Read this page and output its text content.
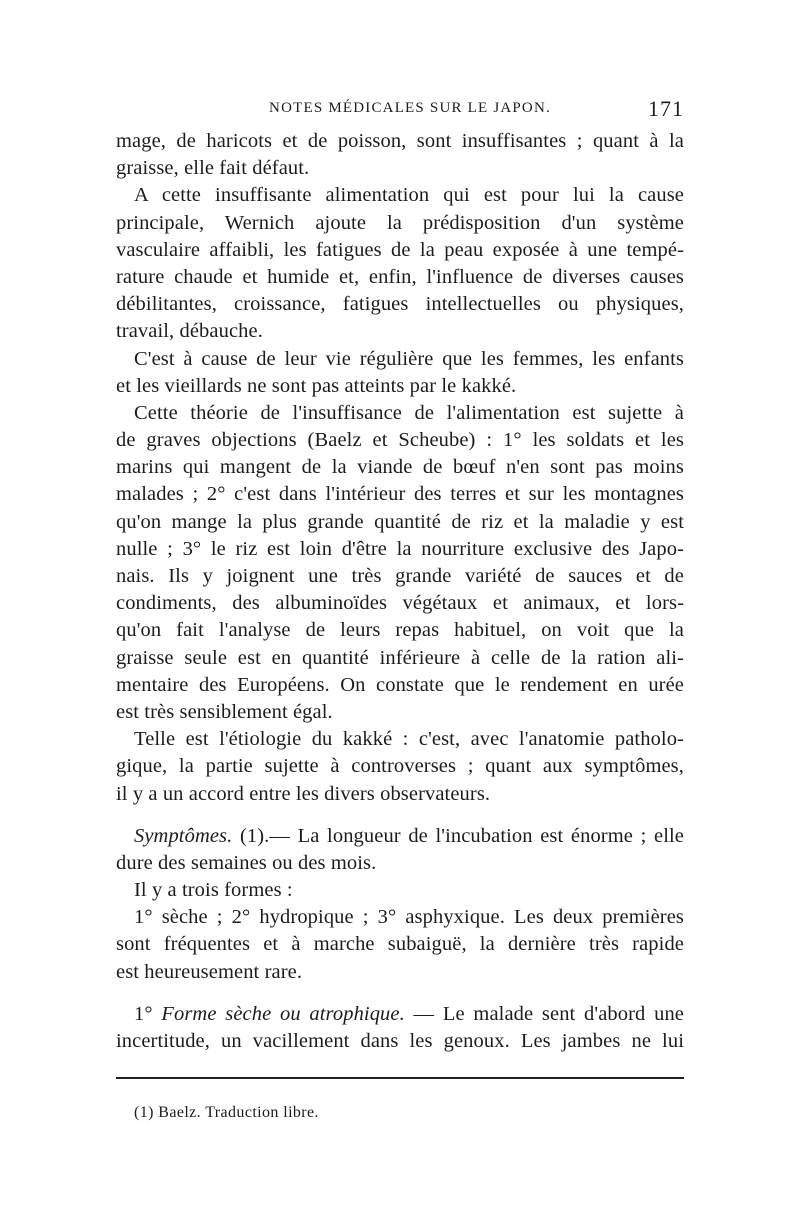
NOTES MÉDICALES SUR LE JAPON.	171
mage, de haricots et de poisson, sont insuffisantes ; quant à la
graisse, elle fait défaut.
A cette insuffisante alimentation qui est pour lui la cause
principale, Wernich ajoute la prédisposition d'un système
vasculaire affaibli, les fatigues de la peau exposée à une tempé-
rature chaude et humide et, enfin, l'influence de diverses causes
débilitantes, croissance, fatigues intellectuelles ou physiques,
travail, débauche.
C'est à cause de leur vie régulière que les femmes, les enfants
et les vieillards ne sont pas atteints par le kakké.
Cette théorie de l'insuffisance de l'alimentation est sujette à
de graves objections (Baelz et Scheube) : 1° les soldats et les
marins qui mangent de la viande de bœuf n'en sont pas moins
malades ; 2° c'est dans l'intérieur des terres et sur les montagnes
qu'on mange la plus grande quantité de riz et la maladie y est
nulle ; 3° le riz est loin d'être la nourriture exclusive des Japo-
nais. Ils y joignent une très grande variété de sauces et de
condiments, des albuminoïdes végétaux et animaux, et lors-
qu'on fait l'analyse de leurs repas habituel, on voit que la
graisse seule est en quantité inférieure à celle de la ration ali-
mentaire des Européens. On constate que le rendement en urée
est très sensiblement égal.
Telle est l'étiologie du kakké : c'est, avec l'anatomie patholo-
gique, la partie sujette à controverses ; quant aux symptômes,
il y a un accord entre les divers observateurs.
Symptômes. (1).— La longueur de l'incubation est énorme ; elle
dure des semaines ou des mois.
Il y a trois formes :
1° sèche ; 2° hydropique ; 3° asphyxique. Les deux premières
sont fréquentes et à marche subaiguë, la dernière très rapide
est heureusement rare.
1° Forme sèche ou atrophique. — Le malade sent d'abord une
incertitude, un vacillement dans les genoux. Les jambes ne lui
(1) Baelz. Traduction libre.
